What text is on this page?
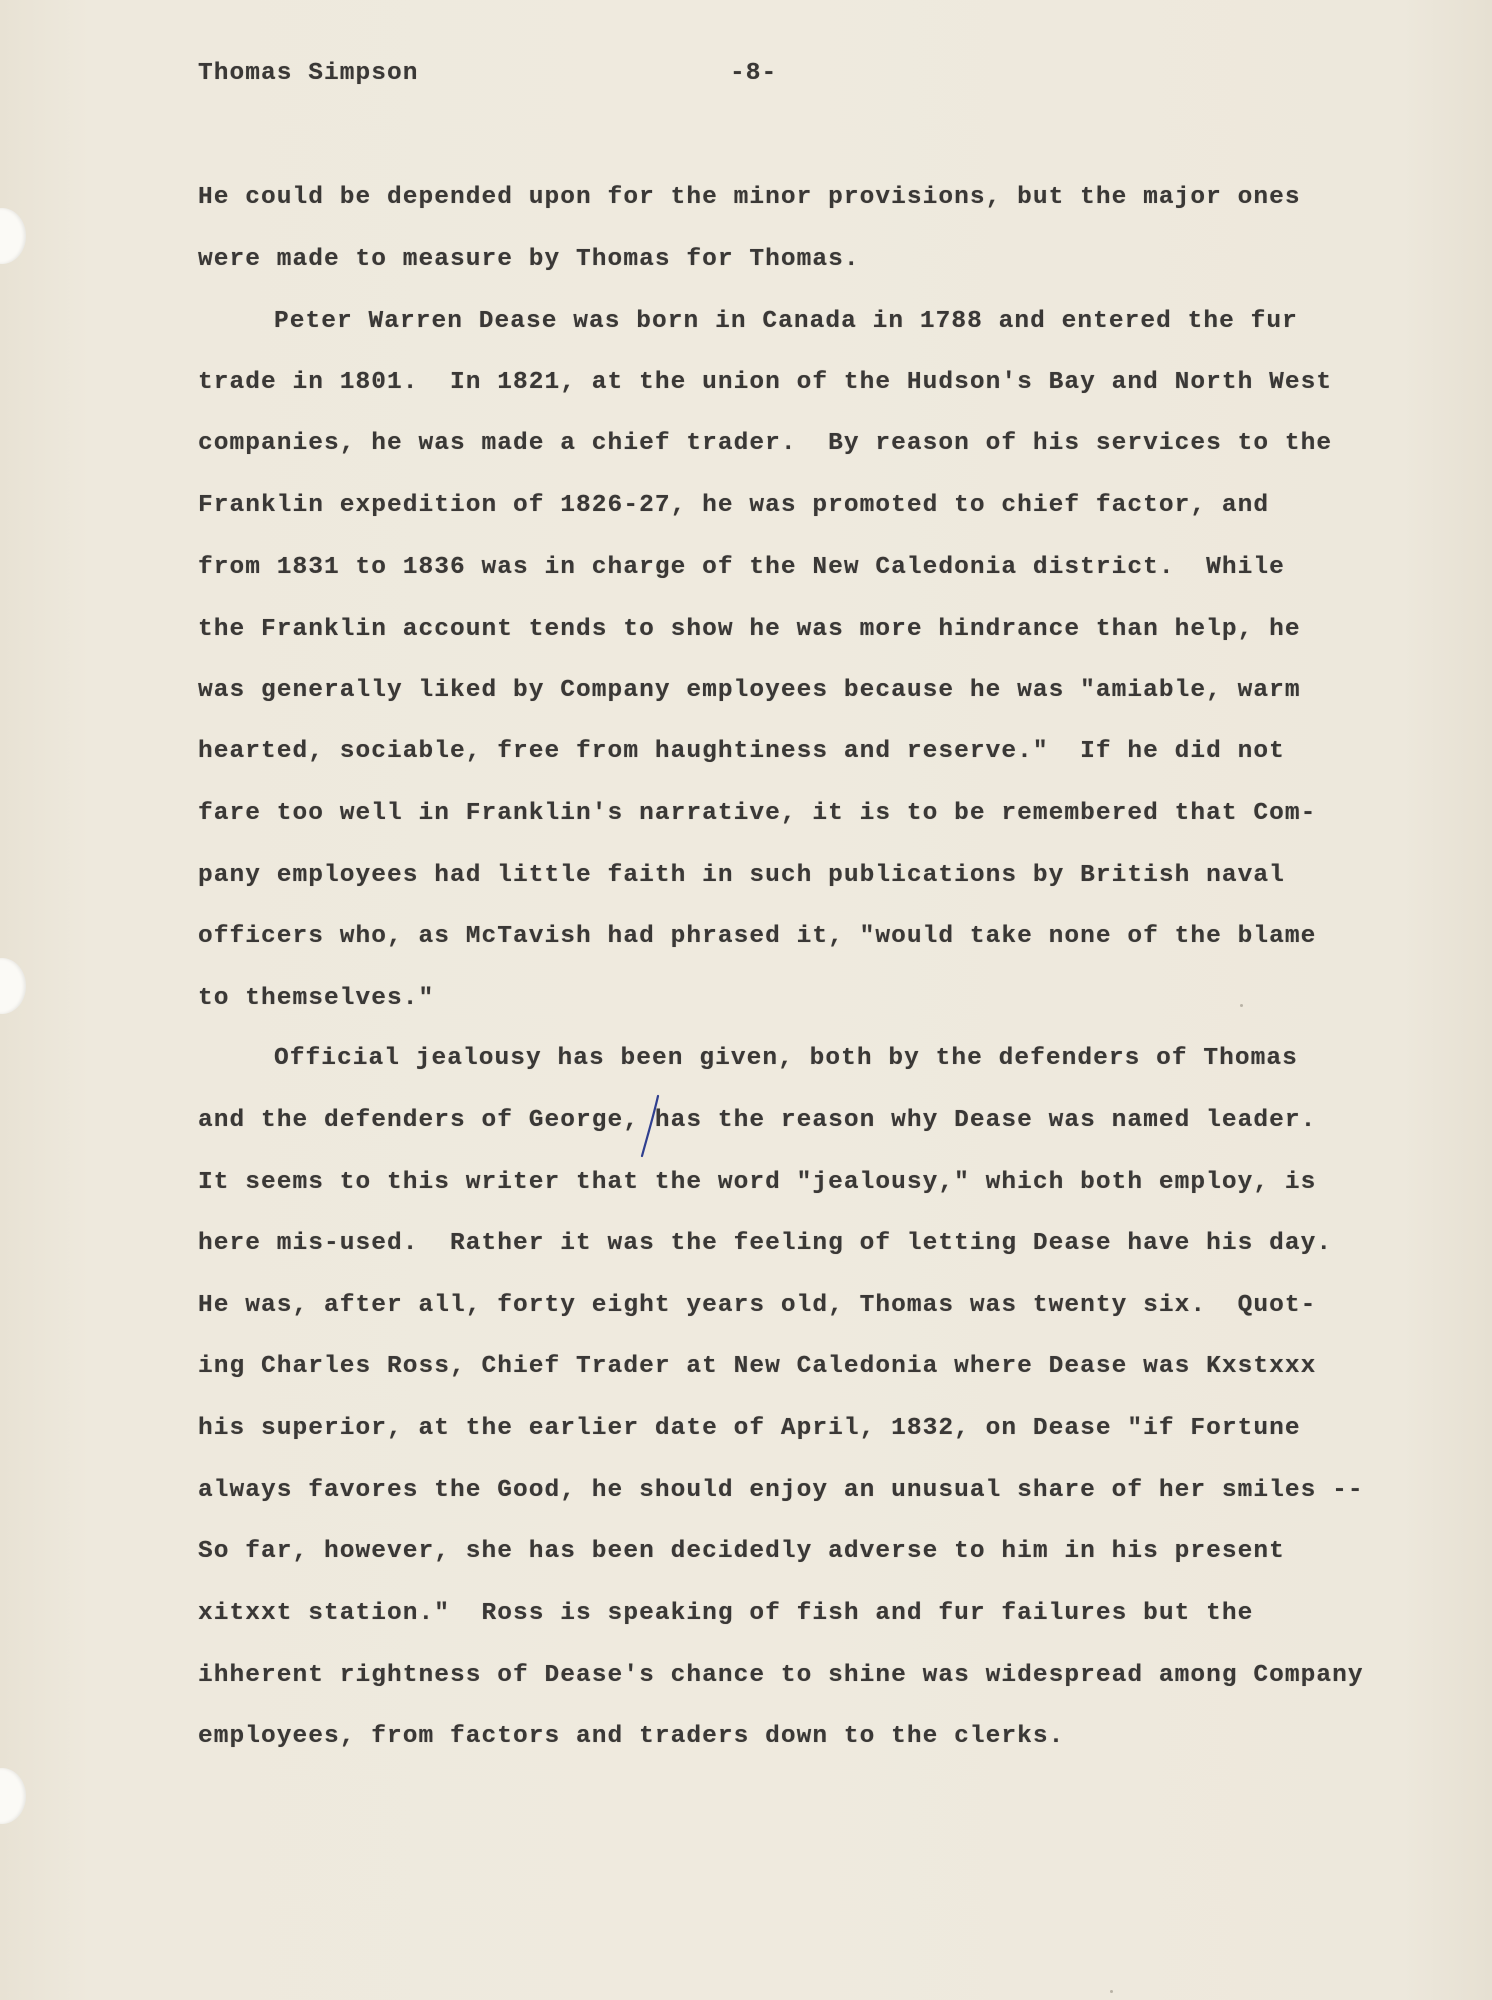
Thomas Simpson	-8-

He could be depended upon for the minor provisions, but the major ones

were made to measure by Thomas for Thomas.

Peter Warren Dease was born in Canada in 1788 and entered the fur

trade in 1801.  In 1821, at the union of the Hudson's Bay and North West

companies, he was made a chief trader.  By reason of his services to the

Franklin expedition of 1826-27, he was promoted to chief factor, and

from 1831 to 1836 was in charge of the New Caledonia district.  While

the Franklin account tends to show he was more hindrance than help, he

was generally liked by Company employees because he was "amiable, warm

hearted, sociable, free from haughtiness and reserve."  If he did not

fare too well in Franklin's narrative, it is to be remembered that Com-

pany employees had little faith in such publications by British naval

officers who, as McTavish had phrased it, "would take none of the blame

to themselves."

Official jealousy has been given, both by the defenders of Thomas

and the defenders of George, has the reason why Dease was named leader.

It seems to this writer that the word "jealousy," which both employ, is

here mis-used.  Rather it was the feeling of letting Dease have his day.

He was, after all, forty eight years old, Thomas was twenty six.  Quot-

ing Charles Ross, Chief Trader at New Caledonia where Dease was Kxstxxx

his superior, at the earlier date of April, 1832, on Dease "if Fortune

always favores the Good, he should enjoy an unusual share of her smiles --

So far, however, she has been decidedly adverse to him in his present

xitxxt station."  Ross is speaking of fish and fur failures but the

ihherent rightness of Dease's chance to shine was widespread among Company

employees, from factors and traders down to the clerks.
